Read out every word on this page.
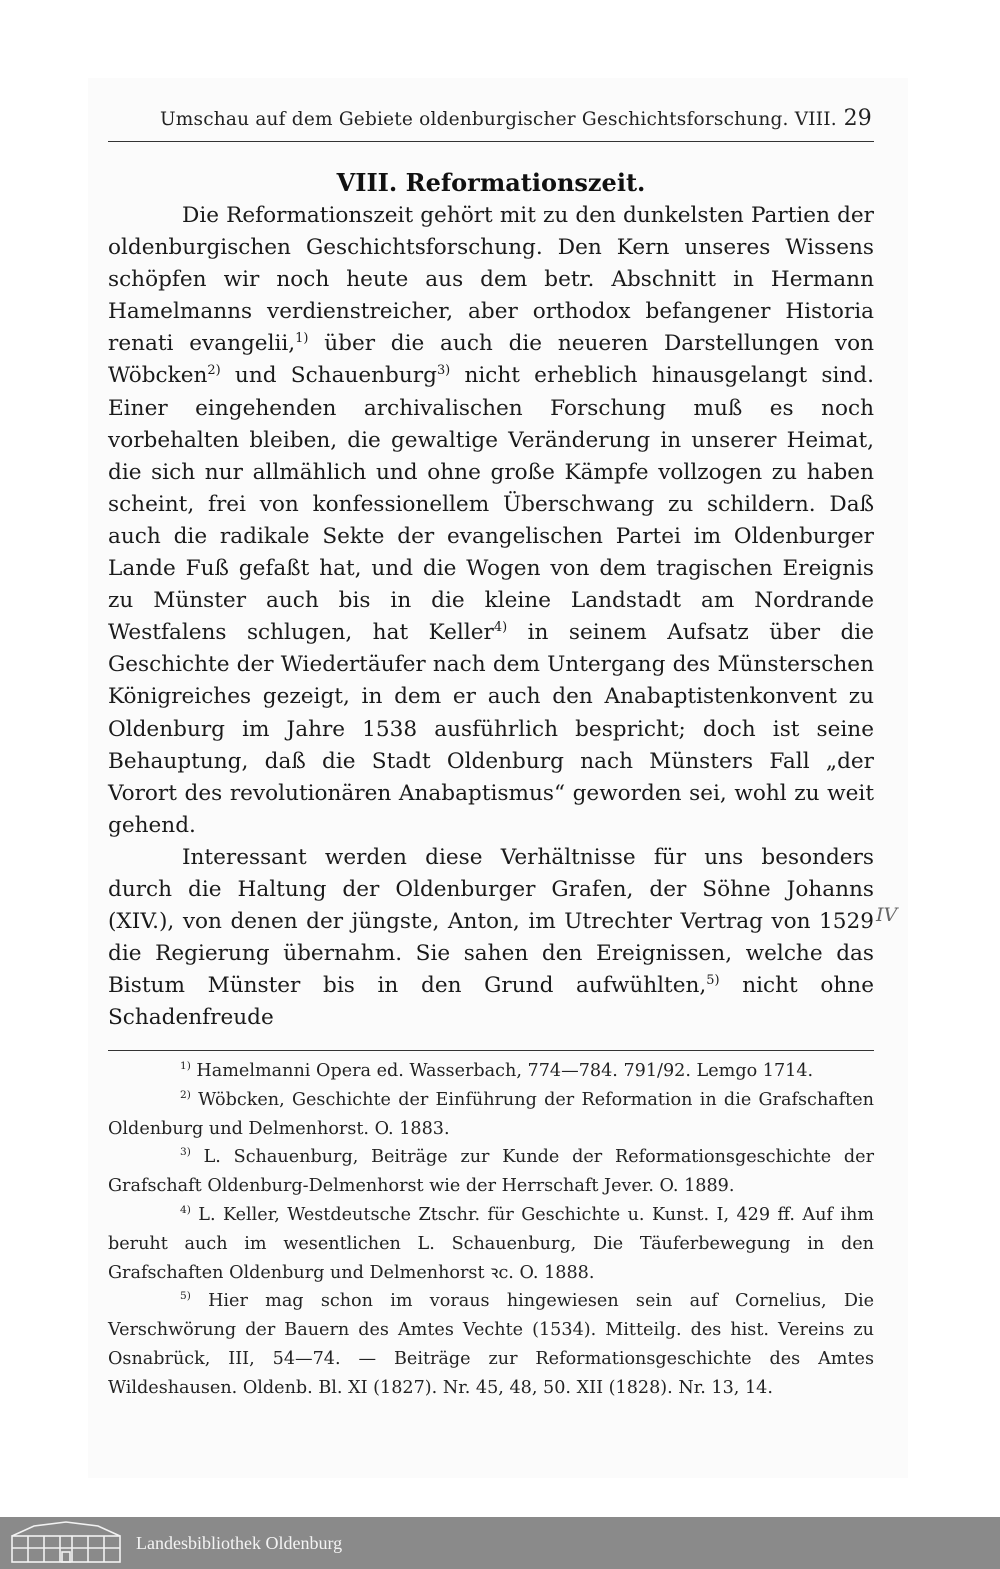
Umschau auf dem Gebiete oldenburgischer Geschichtsforschung. VIII. 29
VIII. Reformationszeit.

Die Reformationszeit gehört mit zu den dunkelsten Partien der oldenburgischen Geschichtsforschung. Den Kern unseres Wissens schöpfen wir noch heute aus dem betr. Abschnitt in Hermann Hamelmanns verdienstreicher, aber orthodox befangener Historia renati evangelii,$^{1)}$ über die auch die neueren Darstellungen von Wöbcken$^{2)}$ und Schauenburg$^{3)}$ nicht erheblich hinausgelangt sind. Einer eingehenden archivalischen Forschung muß es noch vorbehalten bleiben, die gewaltige Veränderung in unserer Heimat, die sich nur allmählich und ohne große Kämpfe vollzogen zu haben scheint, frei von konfessionellem Überschwang zu schildern. Daß auch die radikale Sekte der evangelischen Partei im Oldenburger Lande Fuß gefaßt hat, und die Wogen von dem tragischen Ereignis zu Münster auch bis in die kleine Landstadt am Nordrande Westfalens schlugen, hat Keller$^{4)}$ in seinem Aufsatz über die Geschichte der Wiedertäufer nach dem Untergang des Münsterschen Königreiches gezeigt, in dem er auch den Anabaptistenkonvent zu Oldenburg im Jahre 1538 ausführlich bespricht; doch ist seine Behauptung, daß die Stadt Oldenburg nach Münsters Fall „der Vorort des revolutionären Anabaptismus“ geworden sei, wohl zu weit gehend.

Interessant werden diese Verhältnisse für uns besonders durch die Haltung der Oldenburger Grafen, der Söhne Johanns (XIV.), von denen der jüngste, Anton, im Utrechter Vertrag von 1529 die Regierung übernahm. Sie sahen den Ereignissen, welche das Bistum Münster bis in den Grund aufwühlten,$^{5)}$ nicht ohne Schadenfreude

IV

$^{1)}$ Hamelmanni Opera ed. Wasserbach, 774—784. 791/92. Lemgo 1714.

$^{2)}$ Wöbcken, Geschichte der Einführung der Reformation in die Grafschaften Oldenburg und Delmenhorst. O. 1883.

$^{3)}$ L. Schauenburg, Beiträge zur Kunde der Reformationsgeschichte der Grafschaft Oldenburg-Delmenhorst wie der Herrschaft Jever. O. 1889.

$^{4)}$ L. Keller, Westdeutsche Ztschr. für Geschichte u. Kunst. I, 429 ff. Auf ihm beruht auch im wesentlichen L. Schauenburg, Die Täuferbewegung in den Grafschaften Oldenburg und Delmenhorst ꝛc. O. 1888.

$^{5)}$ Hier mag schon im voraus hingewiesen sein auf Cornelius, Die Verschwörung der Bauern des Amtes Vechte (1534). Mitteilg. des hist. Vereins zu Osnabrück, III, 54—74. — Beiträge zur Reformationsgeschichte des Amtes Wildeshausen. Oldenb. Bl. XI (1827). Nr. 45, 48, 50. XII (1828). Nr. 13, 14.

Landesbibliothek Oldenburg
